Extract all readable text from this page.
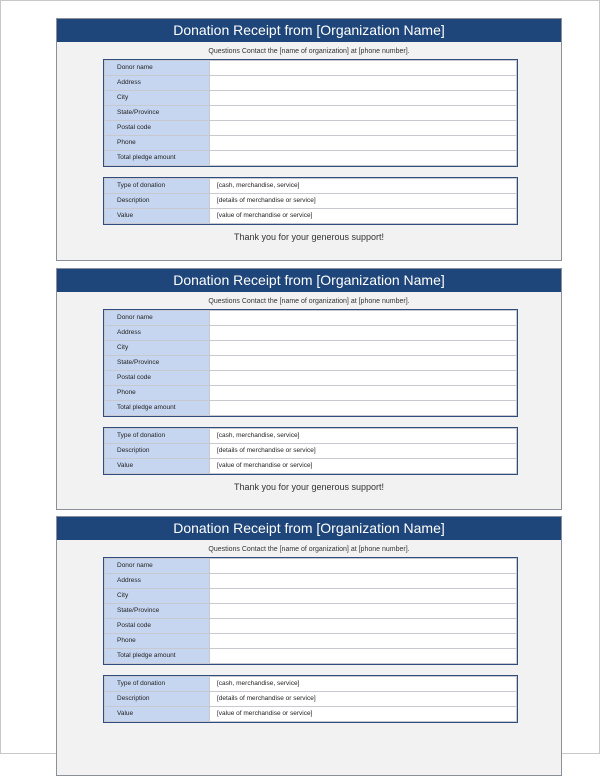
Donation Receipt from [Organization Name]
Questions Contact the [name of organization] at [phone number].
Donor name	
Address	
City	
State/Province	
Postal code	
Phone	
Total pledge amount	
Type of donation	[cash, merchandise, service]
Description	[details of merchandise or service]
Value	[value of merchandise or service]
Thank you for your generous support!
Donation Receipt from [Organization Name]
Questions Contact the [name of organization] at [phone number].
Donor name	
Address	
City	
State/Province	
Postal code	
Phone	
Total pledge amount	
Type of donation	[cash, merchandise, service]
Description	[details of merchandise or service]
Value	[value of merchandise or service]
Thank you for your generous support!
Donation Receipt from [Organization Name]
Questions Contact the [name of organization] at [phone number].
Donor name	
Address	
City	
State/Province	
Postal code	
Phone	
Total pledge amount	
Type of donation	[cash, merchandise, service]
Description	[details of merchandise or service]
Value	[value of merchandise or service]
